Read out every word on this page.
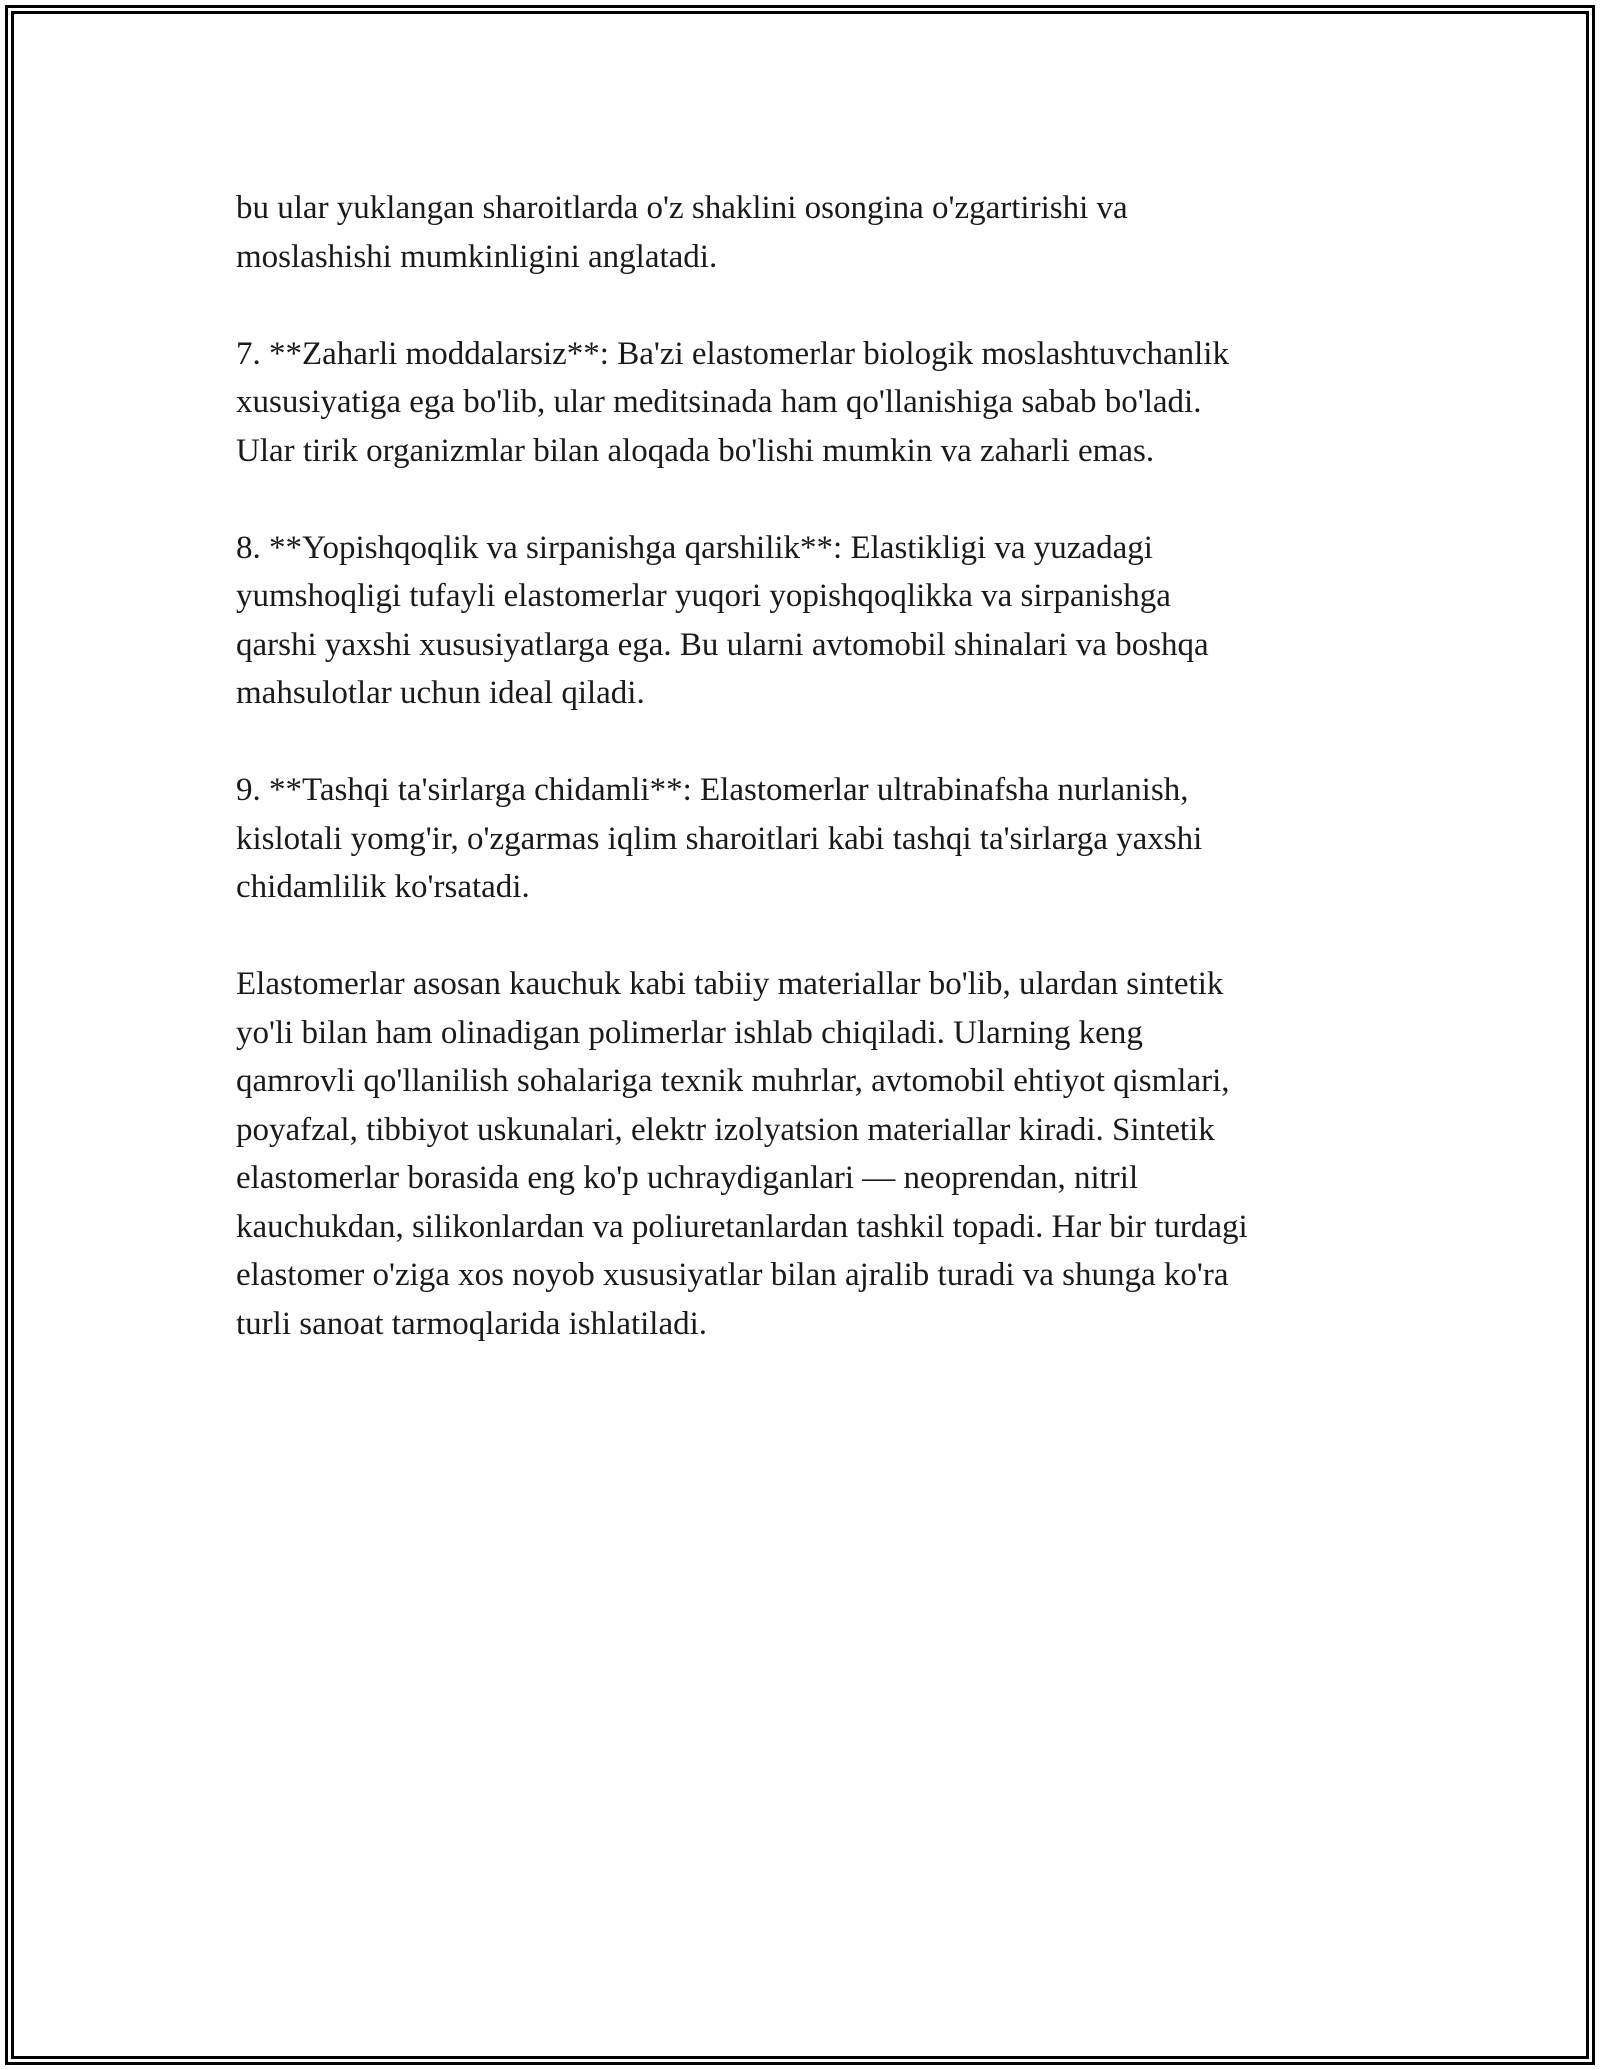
bu ular yuklangan sharoitlarda o'z shaklini osongina o'zgartirishi va
moslashishi mumkinligini anglatadi.

7. **Zaharli moddalarsiz**: Ba'zi elastomerlar biologik moslashtuvchanlik
xususiyatiga ega bo'lib, ular meditsinada ham qo'llanishiga sabab bo'ladi.
Ular tirik organizmlar bilan aloqada bo'lishi mumkin va zaharli emas.

8. **Yopishqoqlik va sirpanishga qarshilik**: Elastikligi va yuzadagi
yumshoqligi tufayli elastomerlar yuqori yopishqoqlikka va sirpanishga
qarshi yaxshi xususiyatlarga ega. Bu ularni avtomobil shinalari va boshqa
mahsulotlar uchun ideal qiladi.

9. **Tashqi ta'sirlarga chidamli**: Elastomerlar ultrabinafsha nurlanish,
kislotali yomg'ir, o'zgarmas iqlim sharoitlari kabi tashqi ta'sirlarga yaxshi
chidamlilik ko'rsatadi.

Elastomerlar asosan kauchuk kabi tabiiy materiallar bo'lib, ulardan sintetik
yo'li bilan ham olinadigan polimerlar ishlab chiqiladi. Ularning keng
qamrovli qo'llanilish sohalariga texnik muhrlar, avtomobil ehtiyot qismlari,
poyafzal, tibbiyot uskunalari, elektr izolyatsion materiallar kiradi. Sintetik
elastomerlar borasida eng ko'p uchraydiganlari — neoprendan, nitril
kauchukdan, silikonlardan va poliuretanlardan tashkil topadi. Har bir turdagi
elastomer o'ziga xos noyob xususiyatlar bilan ajralib turadi va shunga ko'ra
turli sanoat tarmoqlarida ishlatiladi.
